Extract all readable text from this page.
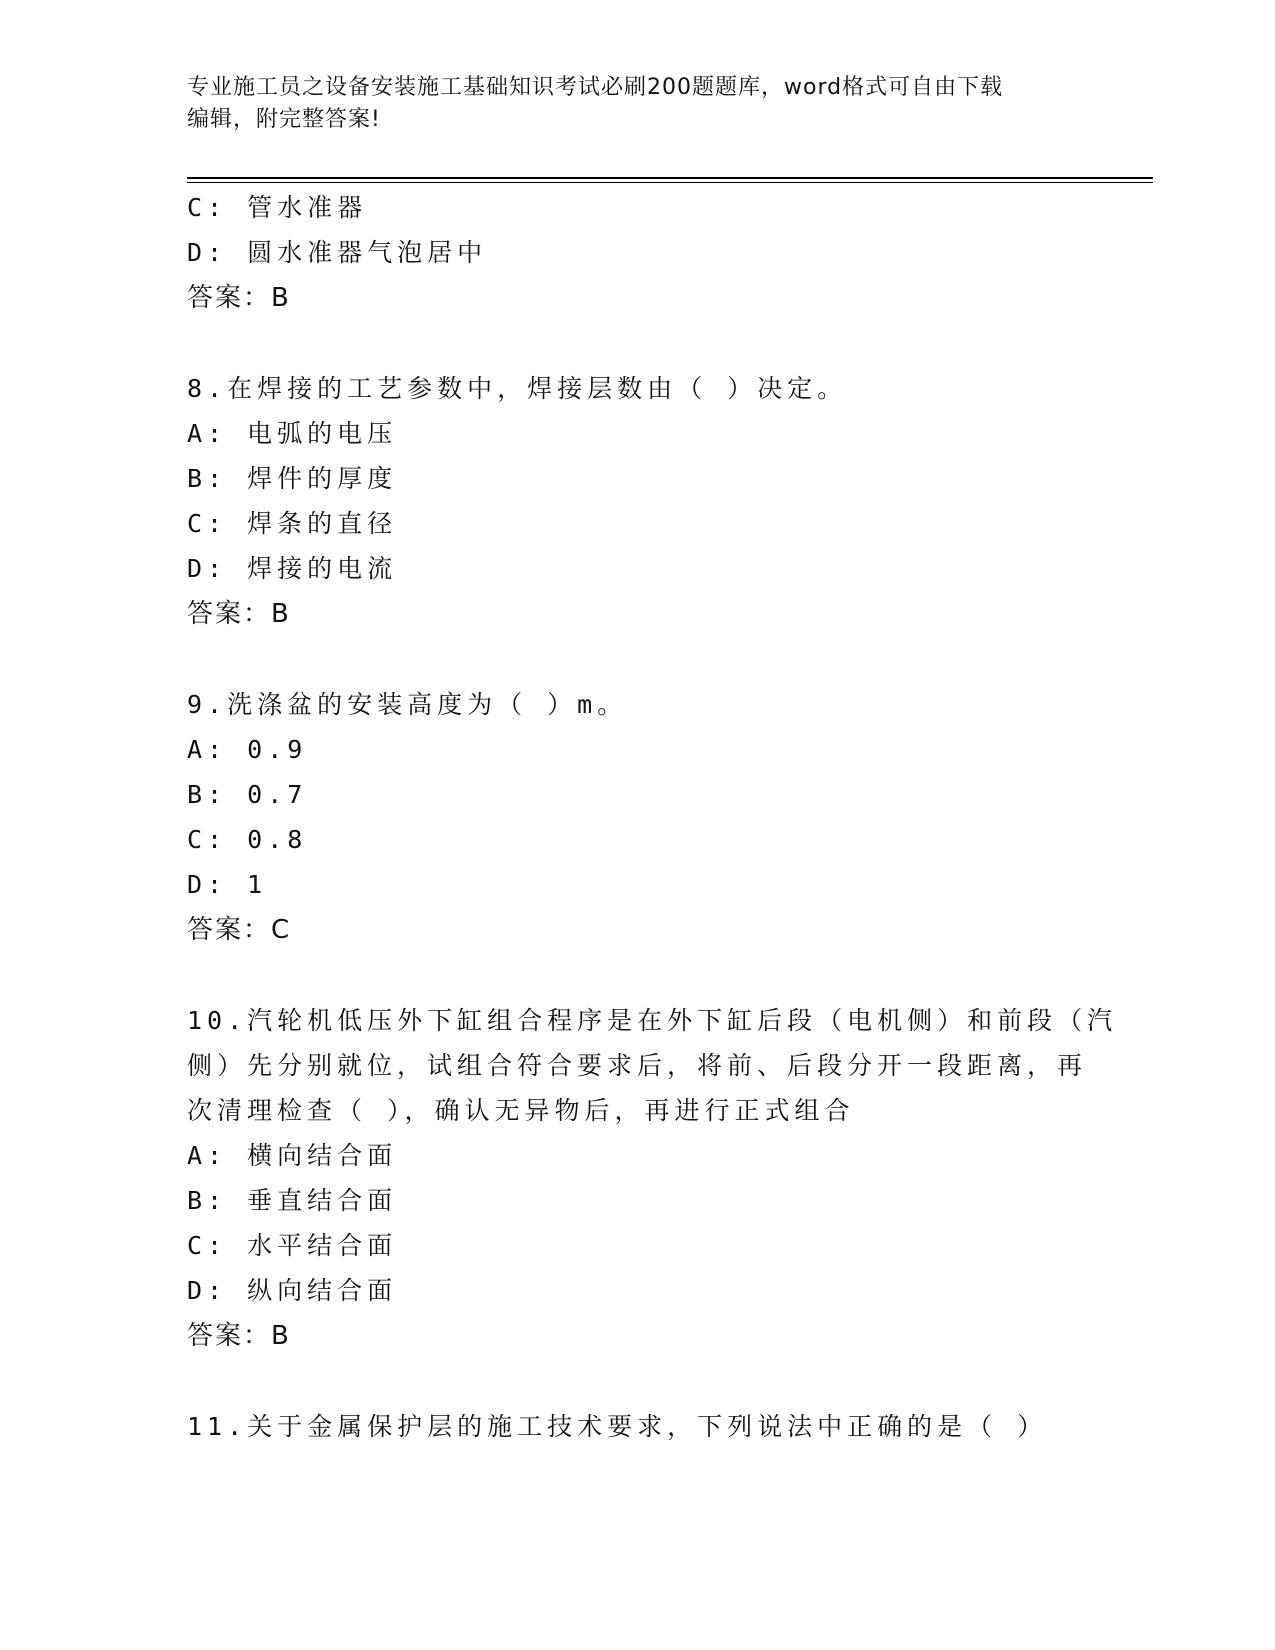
专业施工员之设备安装施工基础知识考试必刷200题题库，word格式可自由下载
编辑，附完整答案!
C: 管水准器
D: 圆水准器气泡居中
答案：B
8.在焊接的工艺参数中，焊接层数由（ ）决定。
A: 电弧的电压
B: 焊件的厚度
C: 焊条的直径
D: 焊接的电流
答案：B
9.洗涤盆的安装高度为（ ）m。
A: 0.9
B: 0.7
C: 0.8
D: 1
答案：C
10.汽轮机低压外下缸组合程序是在外下缸后段（电机侧）和前段（汽
侧）先分别就位，试组合符合要求后，将前、后段分开一段距离，再
次清理检查（ ），确认无异物后，再进行正式组合
A: 横向结合面
B: 垂直结合面
C: 水平结合面
D: 纵向结合面
答案：B
11.关于金属保护层的施工技术要求，下列说法中正确的是（ ）
